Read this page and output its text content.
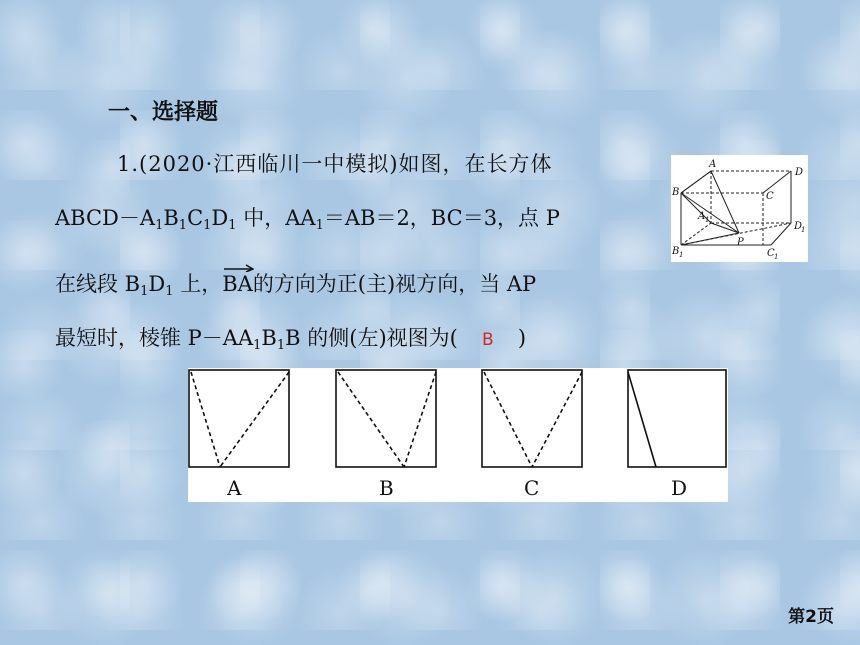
一、选择题
1.(2020·江西临川一中模拟)如图，在长方体
$ABCD-A_1B_1C_1D_1$ 中，$AA_1=AB=2$，BC＝3，点 P
在线段 $B_1D_1$ 上，
BA的方向为正(主)视方向，当 AP
最短时，棱锥 $P-AA_1B_1B$ 的侧(左)视图为( B )
A
B	C
D
A 1
B 1	C 1
D
1
P
A	B	C	D
第2页
